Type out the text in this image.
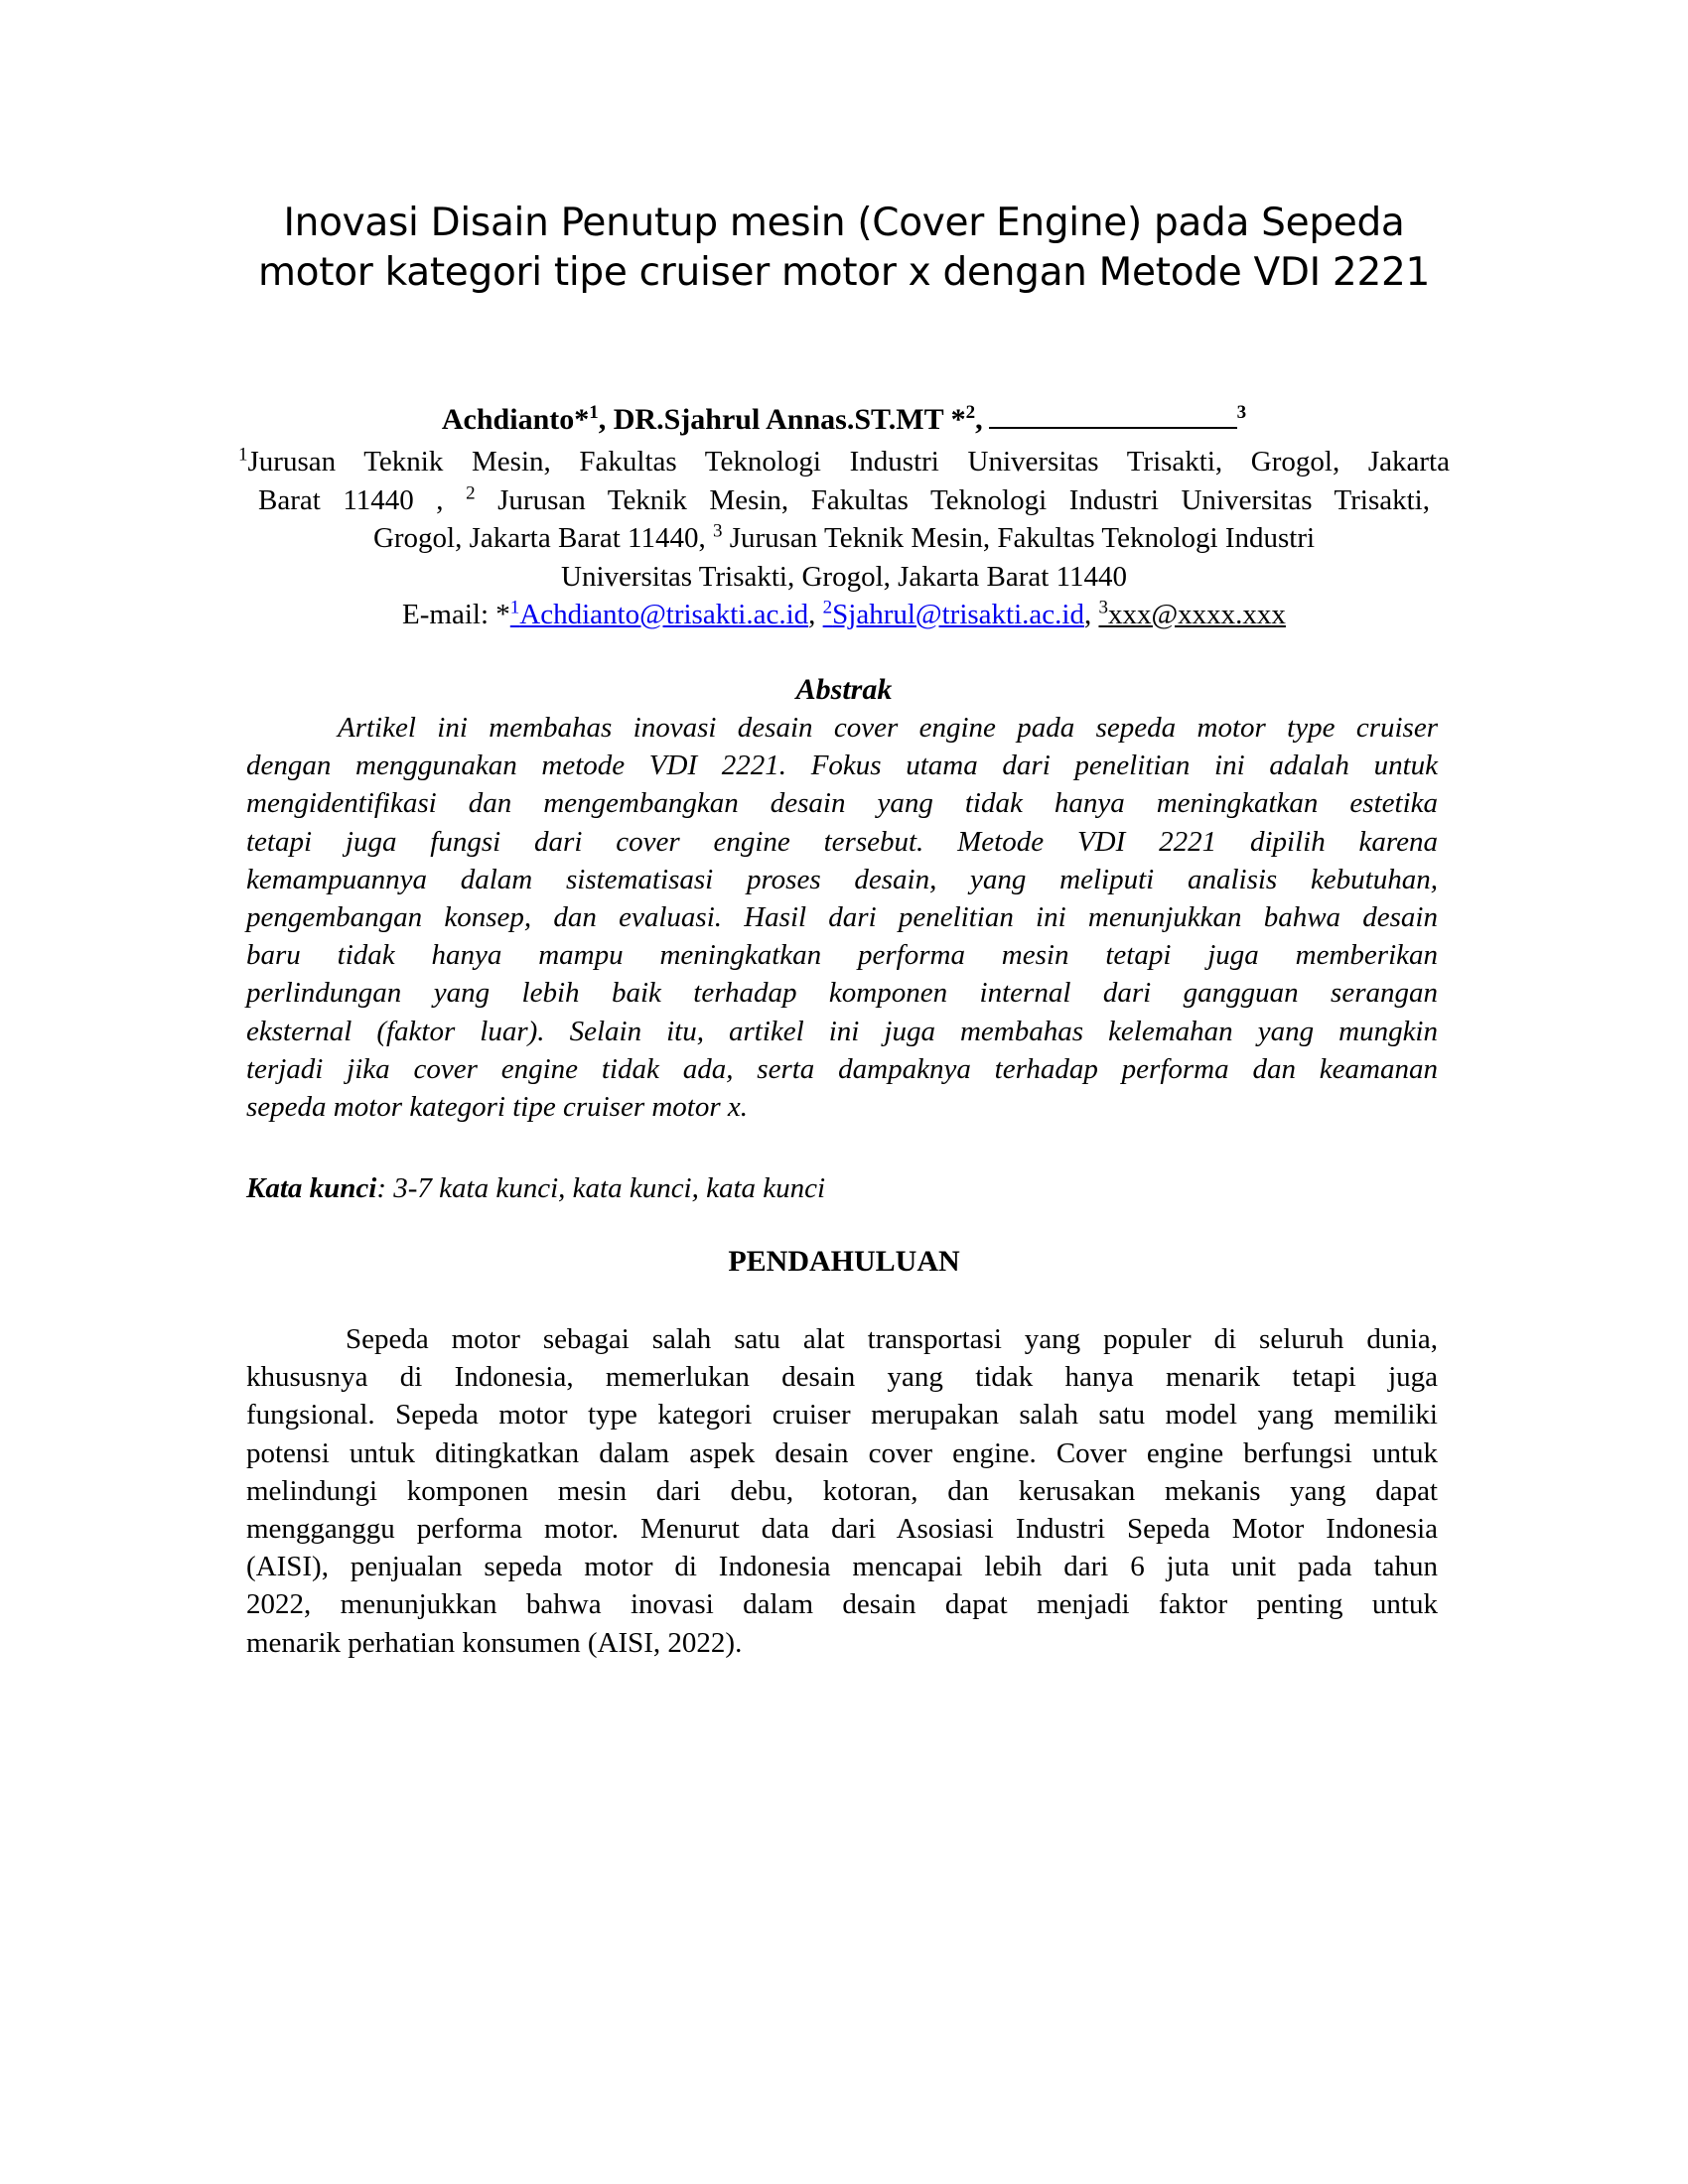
Inovasi Disain Penutup mesin (Cover Engine) pada Sepeda
motor kategori tipe cruiser motor x dengan Metode VDI 2221
Achdianto*$^1$, DR.Sjahrul Annas.ST.MT *$^2$,	$^3$
$^1$Jurusan Teknik Mesin, Fakultas Teknologi Industri Universitas Trisakti, Grogol, Jakarta
Barat 11440 , $^2$ Jurusan Teknik Mesin, Fakultas Teknologi Industri Universitas Trisakti,
Grogol, Jakarta Barat 11440, $^3$ Jurusan Teknik Mesin, Fakultas Teknologi Industri
Universitas Trisakti, Grogol, Jakarta Barat 11440
E-mail: *$^1$Achdianto@trisakti.ac.id, $^2$Sjahrul@trisakti.ac.id, $^3$xxx@xxxx.xxx
Abstrak
Artikel ini membahas inovasi desain cover engine pada sepeda motor type cruiser
dengan menggunakan metode VDI 2221. Fokus utama dari penelitian ini adalah untuk
mengidentifikasi dan mengembangkan desain yang tidak hanya meningkatkan estetika
tetapi juga fungsi dari cover engine tersebut. Metode VDI 2221 dipilih karena
kemampuannya dalam sistematisasi proses desain, yang meliputi analisis kebutuhan,
pengembangan konsep, dan evaluasi. Hasil dari penelitian ini menunjukkan bahwa desain
baru tidak hanya mampu meningkatkan performa mesin tetapi juga memberikan
perlindungan yang lebih baik terhadap komponen internal dari gangguan serangan
eksternal (faktor luar). Selain itu, artikel ini juga membahas kelemahan yang mungkin
terjadi jika cover engine tidak ada, serta dampaknya terhadap performa dan keamanan
sepeda motor kategori tipe cruiser motor x.
Kata kunci: 3-7 kata kunci, kata kunci, kata kunci
PENDAHULUAN
Sepeda motor sebagai salah satu alat transportasi yang populer di seluruh dunia,
khususnya di Indonesia, memerlukan desain yang tidak hanya menarik tetapi juga
fungsional. Sepeda motor type kategori cruiser merupakan salah satu model yang memiliki
potensi untuk ditingkatkan dalam aspek desain cover engine. Cover engine berfungsi untuk
melindungi komponen mesin dari debu, kotoran, dan kerusakan mekanis yang dapat
mengganggu performa motor. Menurut data dari Asosiasi Industri Sepeda Motor Indonesia
(AISI), penjualan sepeda motor di Indonesia mencapai lebih dari 6 juta unit pada tahun
2022, menunjukkan bahwa inovasi dalam desain dapat menjadi faktor penting untuk
menarik perhatian konsumen (AISI, 2022).
